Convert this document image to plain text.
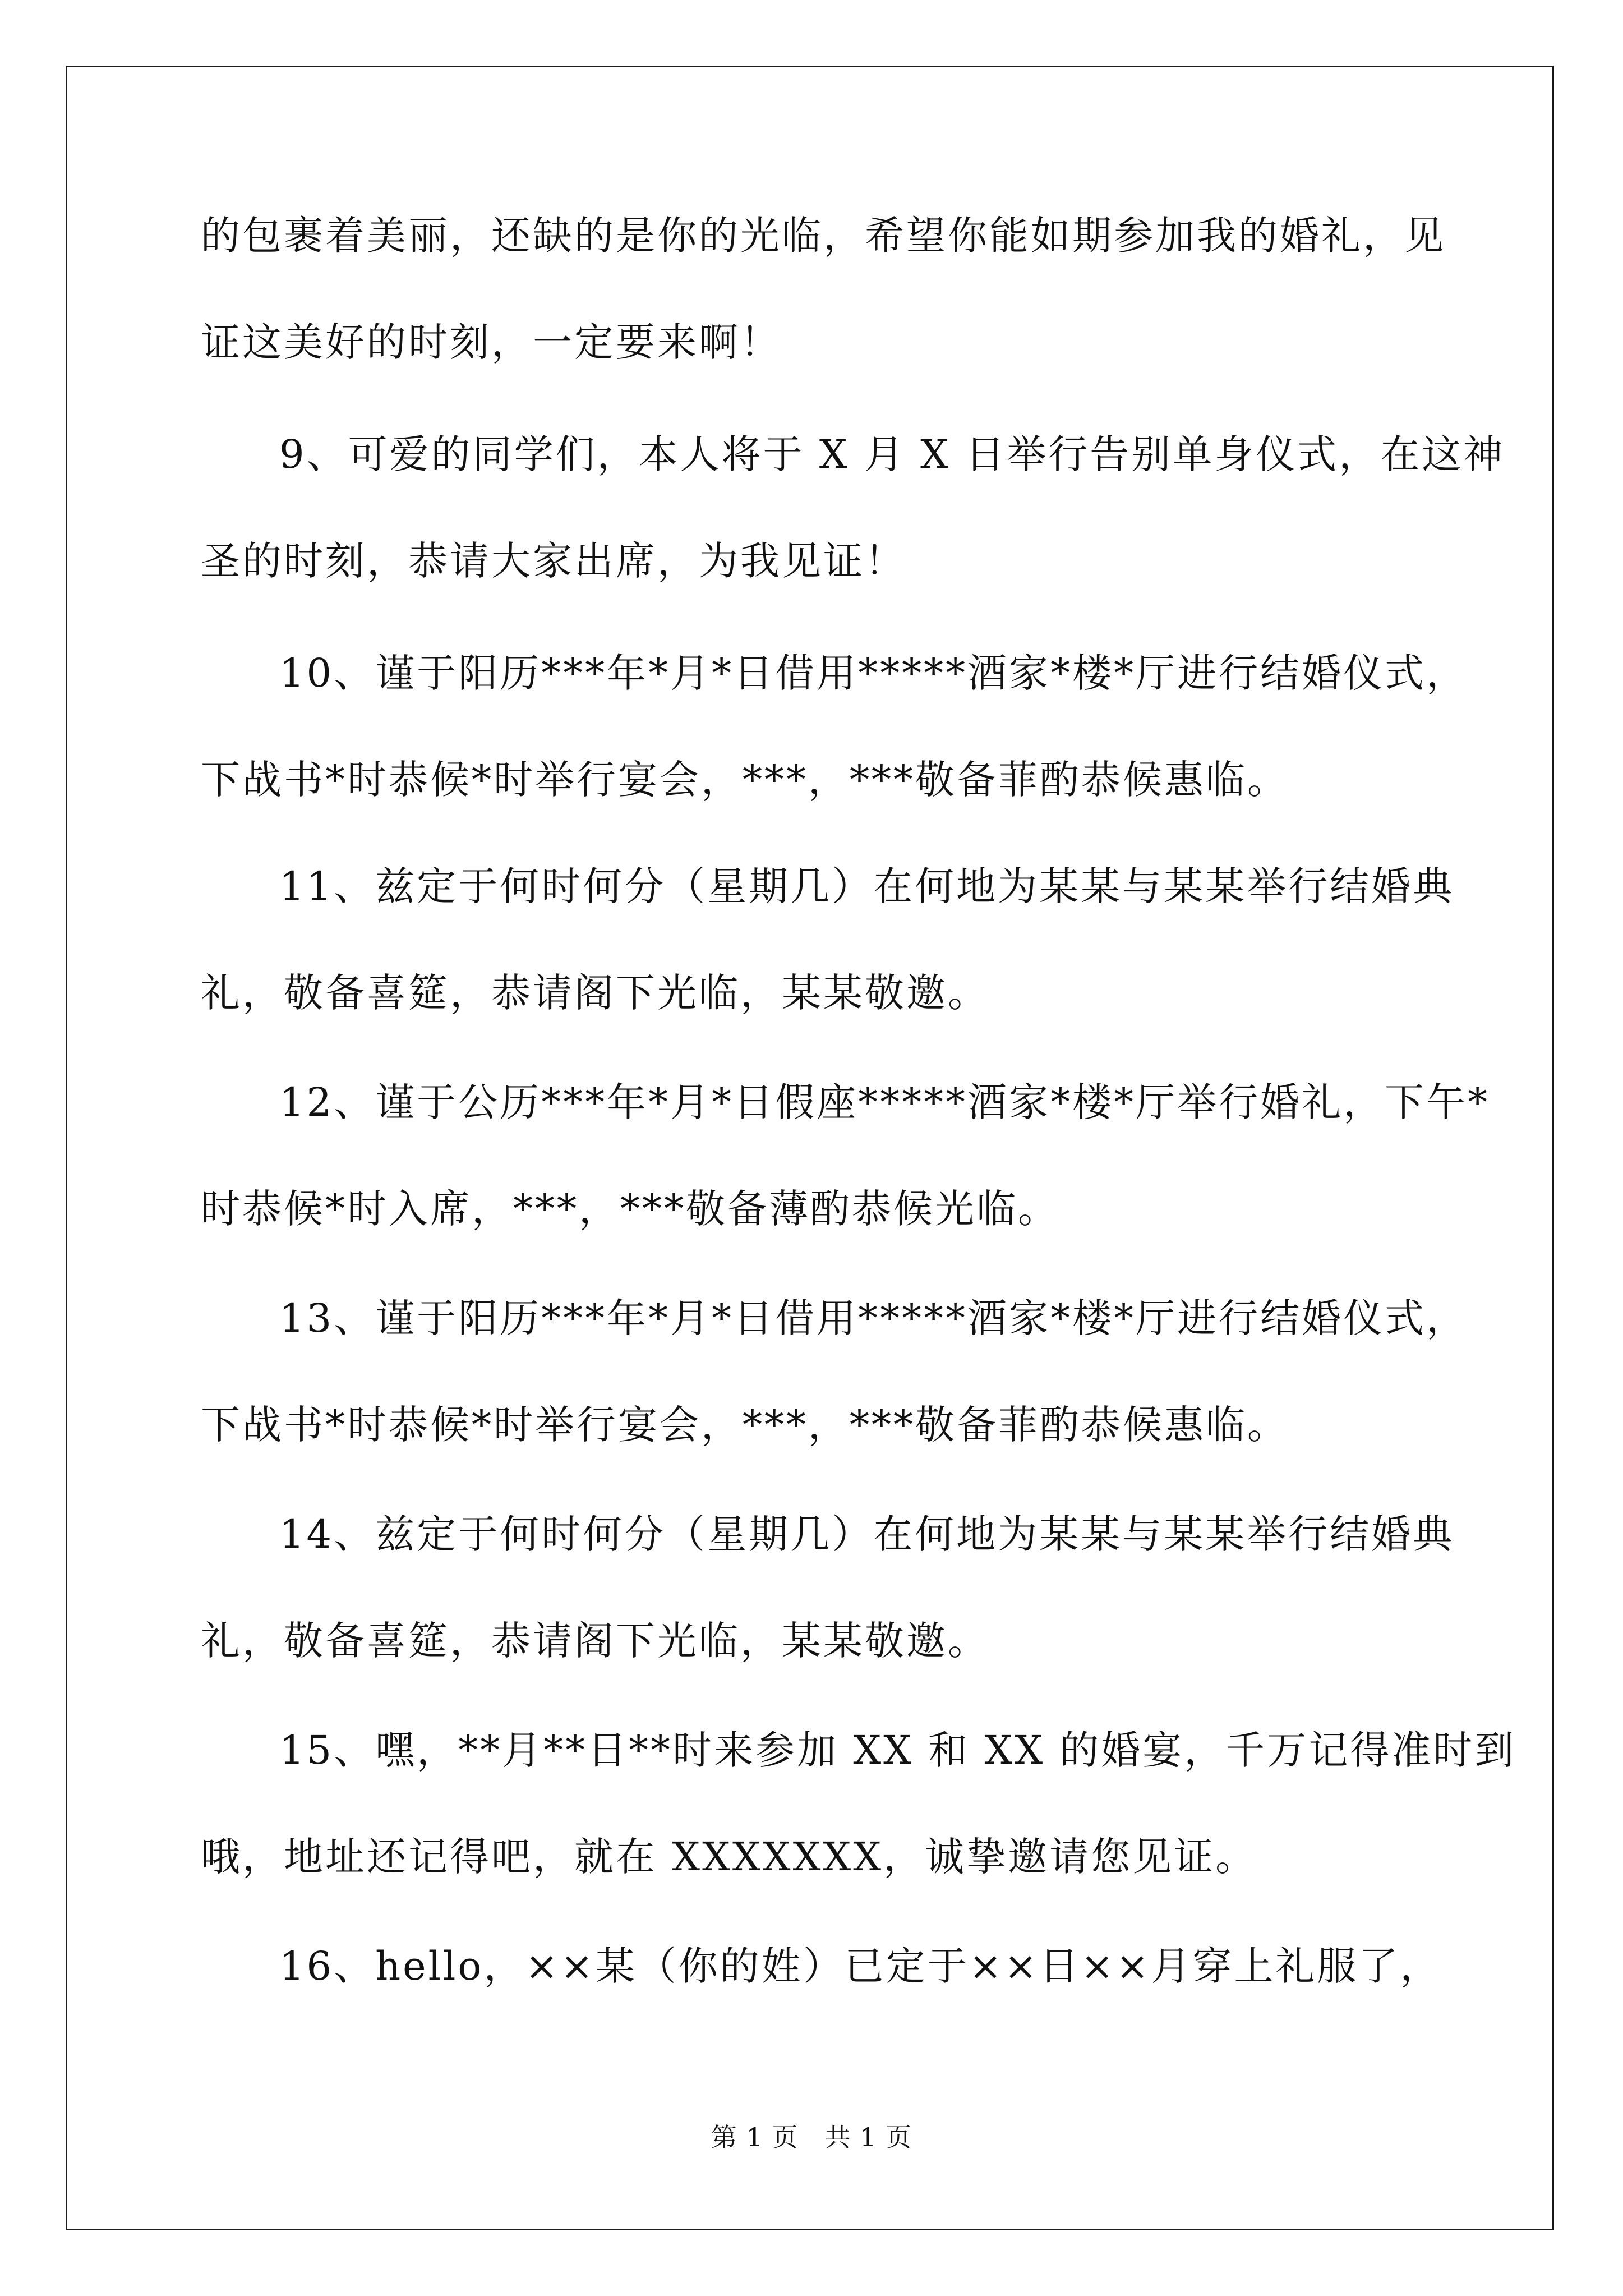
的包裹着美丽，还缺的是你的光临，希望你能如期参加我的婚礼，见
证这美好的时刻，一定要来啊！
9、可爱的同学们，本人将于 X 月 X 日举行告别单身仪式，在这神
圣的时刻，恭请大家出席，为我见证！
10、谨于阳历***年*月*日借用*****酒家*楼*厅进行结婚仪式，
下战书*时恭候*时举行宴会，***，***敬备菲酌恭候惠临。
11、兹定于何时何分（星期几）在何地为某某与某某举行结婚典
礼，敬备喜筵，恭请阁下光临，某某敬邀。
12、谨于公历***年*月*日假座*****酒家*楼*厅举行婚礼，下午*
时恭候*时入席，***，***敬备薄酌恭候光临。
13、谨于阳历***年*月*日借用*****酒家*楼*厅进行结婚仪式，
下战书*时恭候*时举行宴会，***，***敬备菲酌恭候惠临。
14、兹定于何时何分（星期几）在何地为某某与某某举行结婚典
礼，敬备喜筵，恭请阁下光临，某某敬邀。
15、嘿，**月**日**时来参加 XX 和 XX 的婚宴，千万记得准时到
哦，地址还记得吧，就在 XXXXXXX，诚挚邀请您见证。
16、hello，××某（你的姓）已定于××日××月穿上礼服了，
第 1 页　共 1 页
